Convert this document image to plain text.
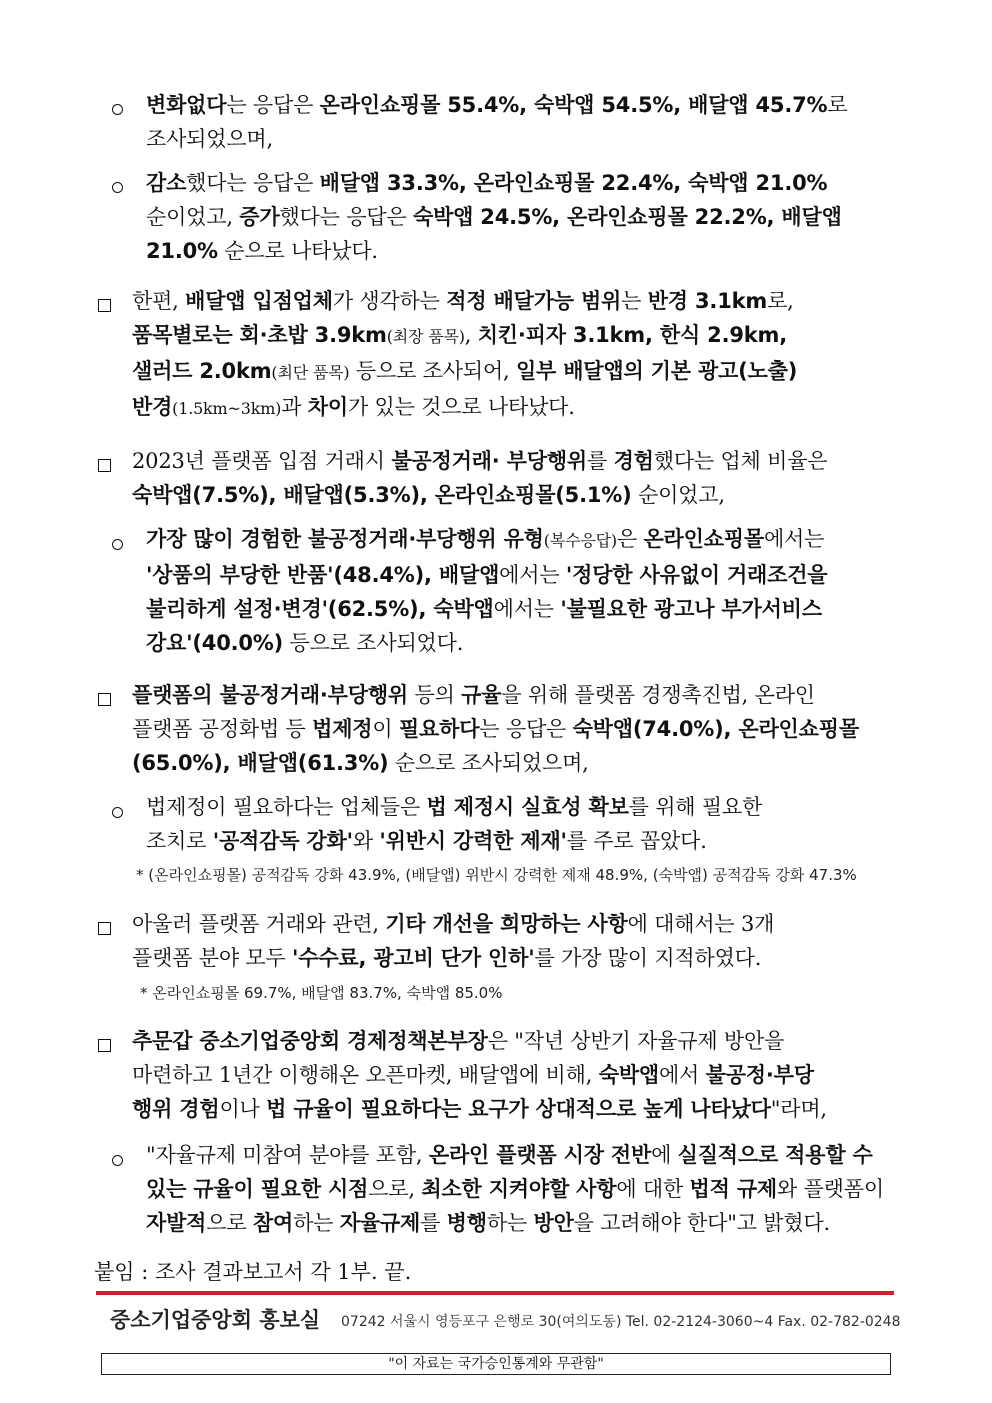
변화없다는 응답은 온라인쇼핑몰 55.4%, 숙박앱 54.5%, 배달앱 45.7%로
조사되었으며,
감소했다는 응답은 배달앱 33.3%, 온라인쇼핑몰 22.4%, 숙박앱 21.0%
순이었고, 증가했다는 응답은 숙박앱 24.5%, 온라인쇼핑몰 22.2%, 배달앱
21.0% 순으로 나타났다.
한편, 배달앱 입점업체가 생각하는 적정 배달가능 범위는 반경 3.1km로,
품목별로는 회·초밥 3.9km(최장 품목), 치킨·피자 3.1km, 한식 2.9km,
샐러드 2.0km(최단 품목) 등으로 조사되어, 일부 배달앱의 기본 광고(노출)
반경(1.5km~3km)과 차이가 있는 것으로 나타났다.
2023년 플랫폼 입점 거래시 불공정거래· 부당행위를 경험했다는 업체 비율은
숙박앱(7.5%), 배달앱(5.3%), 온라인쇼핑몰(5.1%) 순이었고,
가장 많이 경험한 불공정거래·부당행위 유형(복수응답)은 온라인쇼핑몰에서는
'상품의 부당한 반품'(48.4%), 배달앱에서는 '정당한 사유없이 거래조건을
불리하게 설정·변경'(62.5%), 숙박앱에서는 '불필요한 광고나 부가서비스
강요'(40.0%) 등으로 조사되었다.
플랫폼의 불공정거래·부당행위 등의 규율을 위해 플랫폼 경쟁촉진법, 온라인
플랫폼 공정화법 등 법제정이 필요하다는 응답은 숙박앱(74.0%), 온라인쇼핑몰
(65.0%), 배달앱(61.3%) 순으로 조사되었으며,
법제정이 필요하다는 업체들은 법 제정시 실효성 확보를 위해 필요한
조치로 '공적감독 강화'와 '위반시 강력한 제재'를 주로 꼽았다.
* (온라인쇼핑몰) 공적감독 강화 43.9%, (배달앱) 위반시 강력한 제재 48.9%, (숙박앱) 공적감독 강화 47.3%
아울러 플랫폼 거래와 관련, 기타 개선을 희망하는 사항에 대해서는 3개
플랫폼 분야 모두 '수수료, 광고비 단가 인하'를 가장 많이 지적하였다.
* 온라인쇼핑몰 69.7%, 배달앱 83.7%, 숙박앱 85.0%
추문갑 중소기업중앙회 경제정책본부장은 "작년 상반기 자율규제 방안을
마련하고 1년간 이행해온 오픈마켓, 배달앱에 비해, 숙박앱에서 불공정·부당
행위 경험이나 법 규율이 필요하다는 요구가 상대적으로 높게 나타났다"라며,
"자율규제 미참여 분야를 포함, 온라인 플랫폼 시장 전반에 실질적으로 적용할 수
있는 규율이 필요한 시점으로, 최소한 지켜야할 사항에 대한 법적 규제와 플랫폼이
자발적으로 참여하는 자율규제를 병행하는 방안을 고려해야 한다"고 밝혔다.
붙임 : 조사 결과보고서 각 1부. 끝.
중소기업중앙회 홍보실 07242 서울시 영등포구 은행로 30(여의도동) Tel. 02-2124-3060~4 Fax. 02-782-0248
"이 자료는 국가승인통계와 무관함"
